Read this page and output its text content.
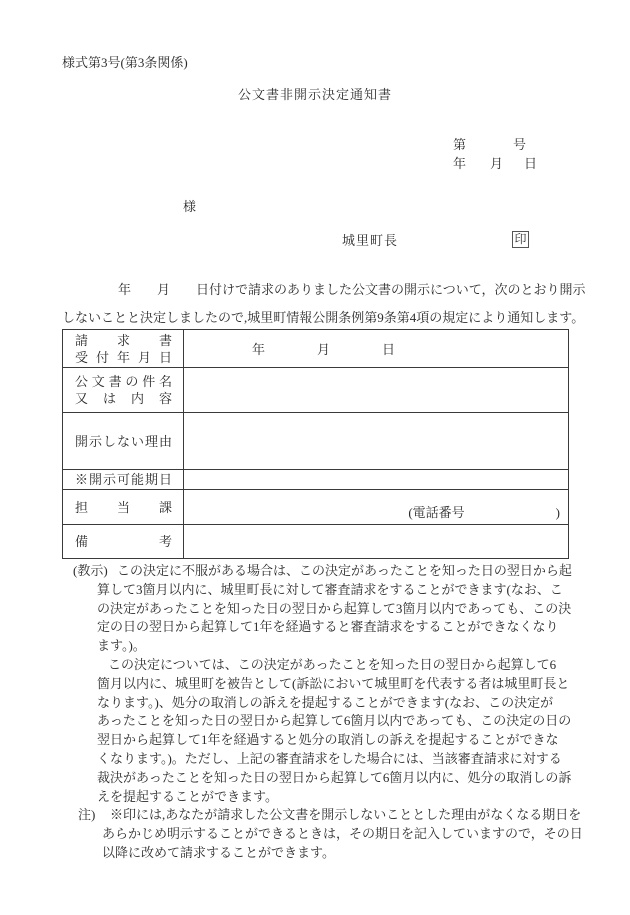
様式第3号(第3条関係)
公文書非開示決定通知書

第	号

年 月 日

様
城里町長	印
年　　月　　日付けで請求のありました公文書の開示について，次のとおり開示
しないことと決定しましたので,城里町情報公開条例第9条第4項の規定により通知します。
請求書
受付年月日	年　　　　月　　　　日

公文書の件名
又は内容	

開示しない理由	
※開示可能期日	
担当課	(電話番号　　　　　　　)
備考	
(教示) この決定に不服がある場合は、この決定があったことを知った日の翌日から起
算して3箇月以内に、城里町長に対して審査請求をすることができます(なお、こ
の決定があったことを知った日の翌日から起算して3箇月以内であっても、この決
定の日の翌日から起算して1年を経過すると審査請求をすることができなくなり
ます。)。
この決定については、この決定があったことを知った日の翌日から起算して6
箇月以内に、城里町を被告として(訴訟において城里町を代表する者は城里町長と
なります。)、処分の取消しの訴えを提起することができます(なお、この決定が
あったことを知った日の翌日から起算して6箇月以内であっても、この決定の日の
翌日から起算して1年を経過すると処分の取消しの訴えを提起することができな
くなります。)。ただし、上記の審査請求をした場合には、当該審査請求に対する
裁決があったことを知った日の翌日から起算して6箇月以内に、処分の取消しの訴
えを提起することができます。
注) ※印には,あなたが請求した公文書を開示しないこととした理由がなくなる期日を
あらかじめ明示することができるときは，その期日を記入していますので，その日
以降に改めて請求することができます。
